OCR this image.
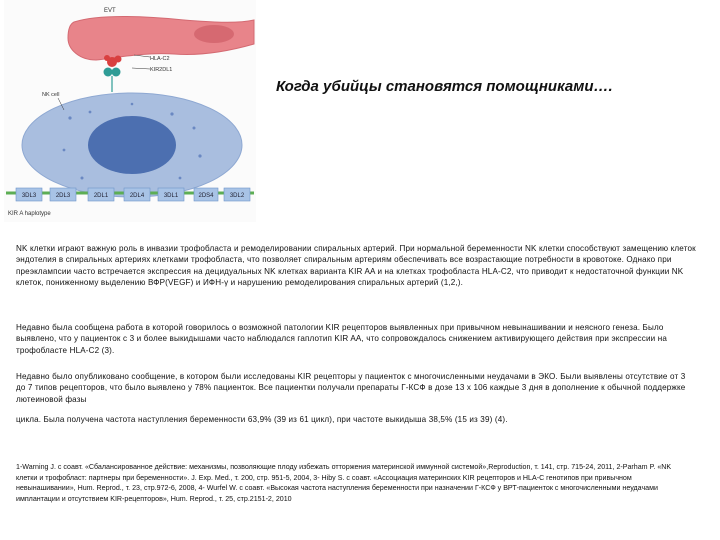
EVT
HLA-C2
KIR2DL1
NK cell
3DL3	2DL3	2DL1	2DL4	3DL1	2DS4	3DL2
KIR A haplotype
Когда убийцы становятся помощниками….

NK клетки играют важную роль в инвазии трофобласта и ремоделировании спиральных артерий. При нормальной беременности NK клетки способствуют замещению клеток эндотелия в спиральных артериях клетками трофобласта, что позволяет спиральным артериям обеспечивать все возрастающие потребности в кровотоке. Однако при преэклампсии часто встречается экспрессия на децидуальных NK клетках варианта KIR AA и на клетках трофобласта HLA-C2, что приводит к недостаточной функции NK клеток, пониженному выделению ВФР(VEGF) и ИФН-γ и нарушению ремоделирования спиральных артерий (1,2,).

Недавно была сообщена работа в которой говорилось о возможной патологии KIR рецепторов выявленных при привычном невынашивании и неясного генеза. Было выявлено, что у пациенток с 3 и более выкидышами часто наблюдался гаплотип KIR AA, что сопровождалось снижением активирующего действия при экспрессии на трофобласте HLA-C2 (3).

Недавно было опубликовано сообщение, в котором были исследованы KIR рецепторы у пациенток с многочисленными неудачами в ЭКО. Были выявлены отсутствие от 3 до 7 типов рецепторов, что было выявлено у 78% пациенток. Все пациентки получали препараты Г-КСФ в дозе 13 х 106 каждые 3 дня в дополнение к обычной поддержке лютеиновой фазы

цикла. Была получена частота наступления беременности 63,9% (39 из 61 цикл), при частоте выкидыша 38,5% (15 из 39) (4).

1-Warning J. с соавт. «Сбалансированное действие: механизмы, позволяющие плоду избежать отторжения материнской иммунной системой»,Reproduction, т. 141, стр. 715-24, 2011, 2-Parham P. «NK клетки и трофобласт: партнеры при беременности». J. Exp. Med., т. 200, стр. 951-5, 2004, 3- Hiby S. с соавт. «Ассоциация материнских KIR рецепторов и HLA-С генотипов при привычном невынашивании», Hum. Reprod., т. 23, стр.972-6, 2008, 4- Wurfel W. с соавт. «Высокая частота наступления беременности при назначении Г-КСФ у ВРТ-пациенток с многочисленными неудачами имплантации и отсутствием KIR-рецепторов», Hum. Reprod., т. 25, стр.2151-2, 2010
